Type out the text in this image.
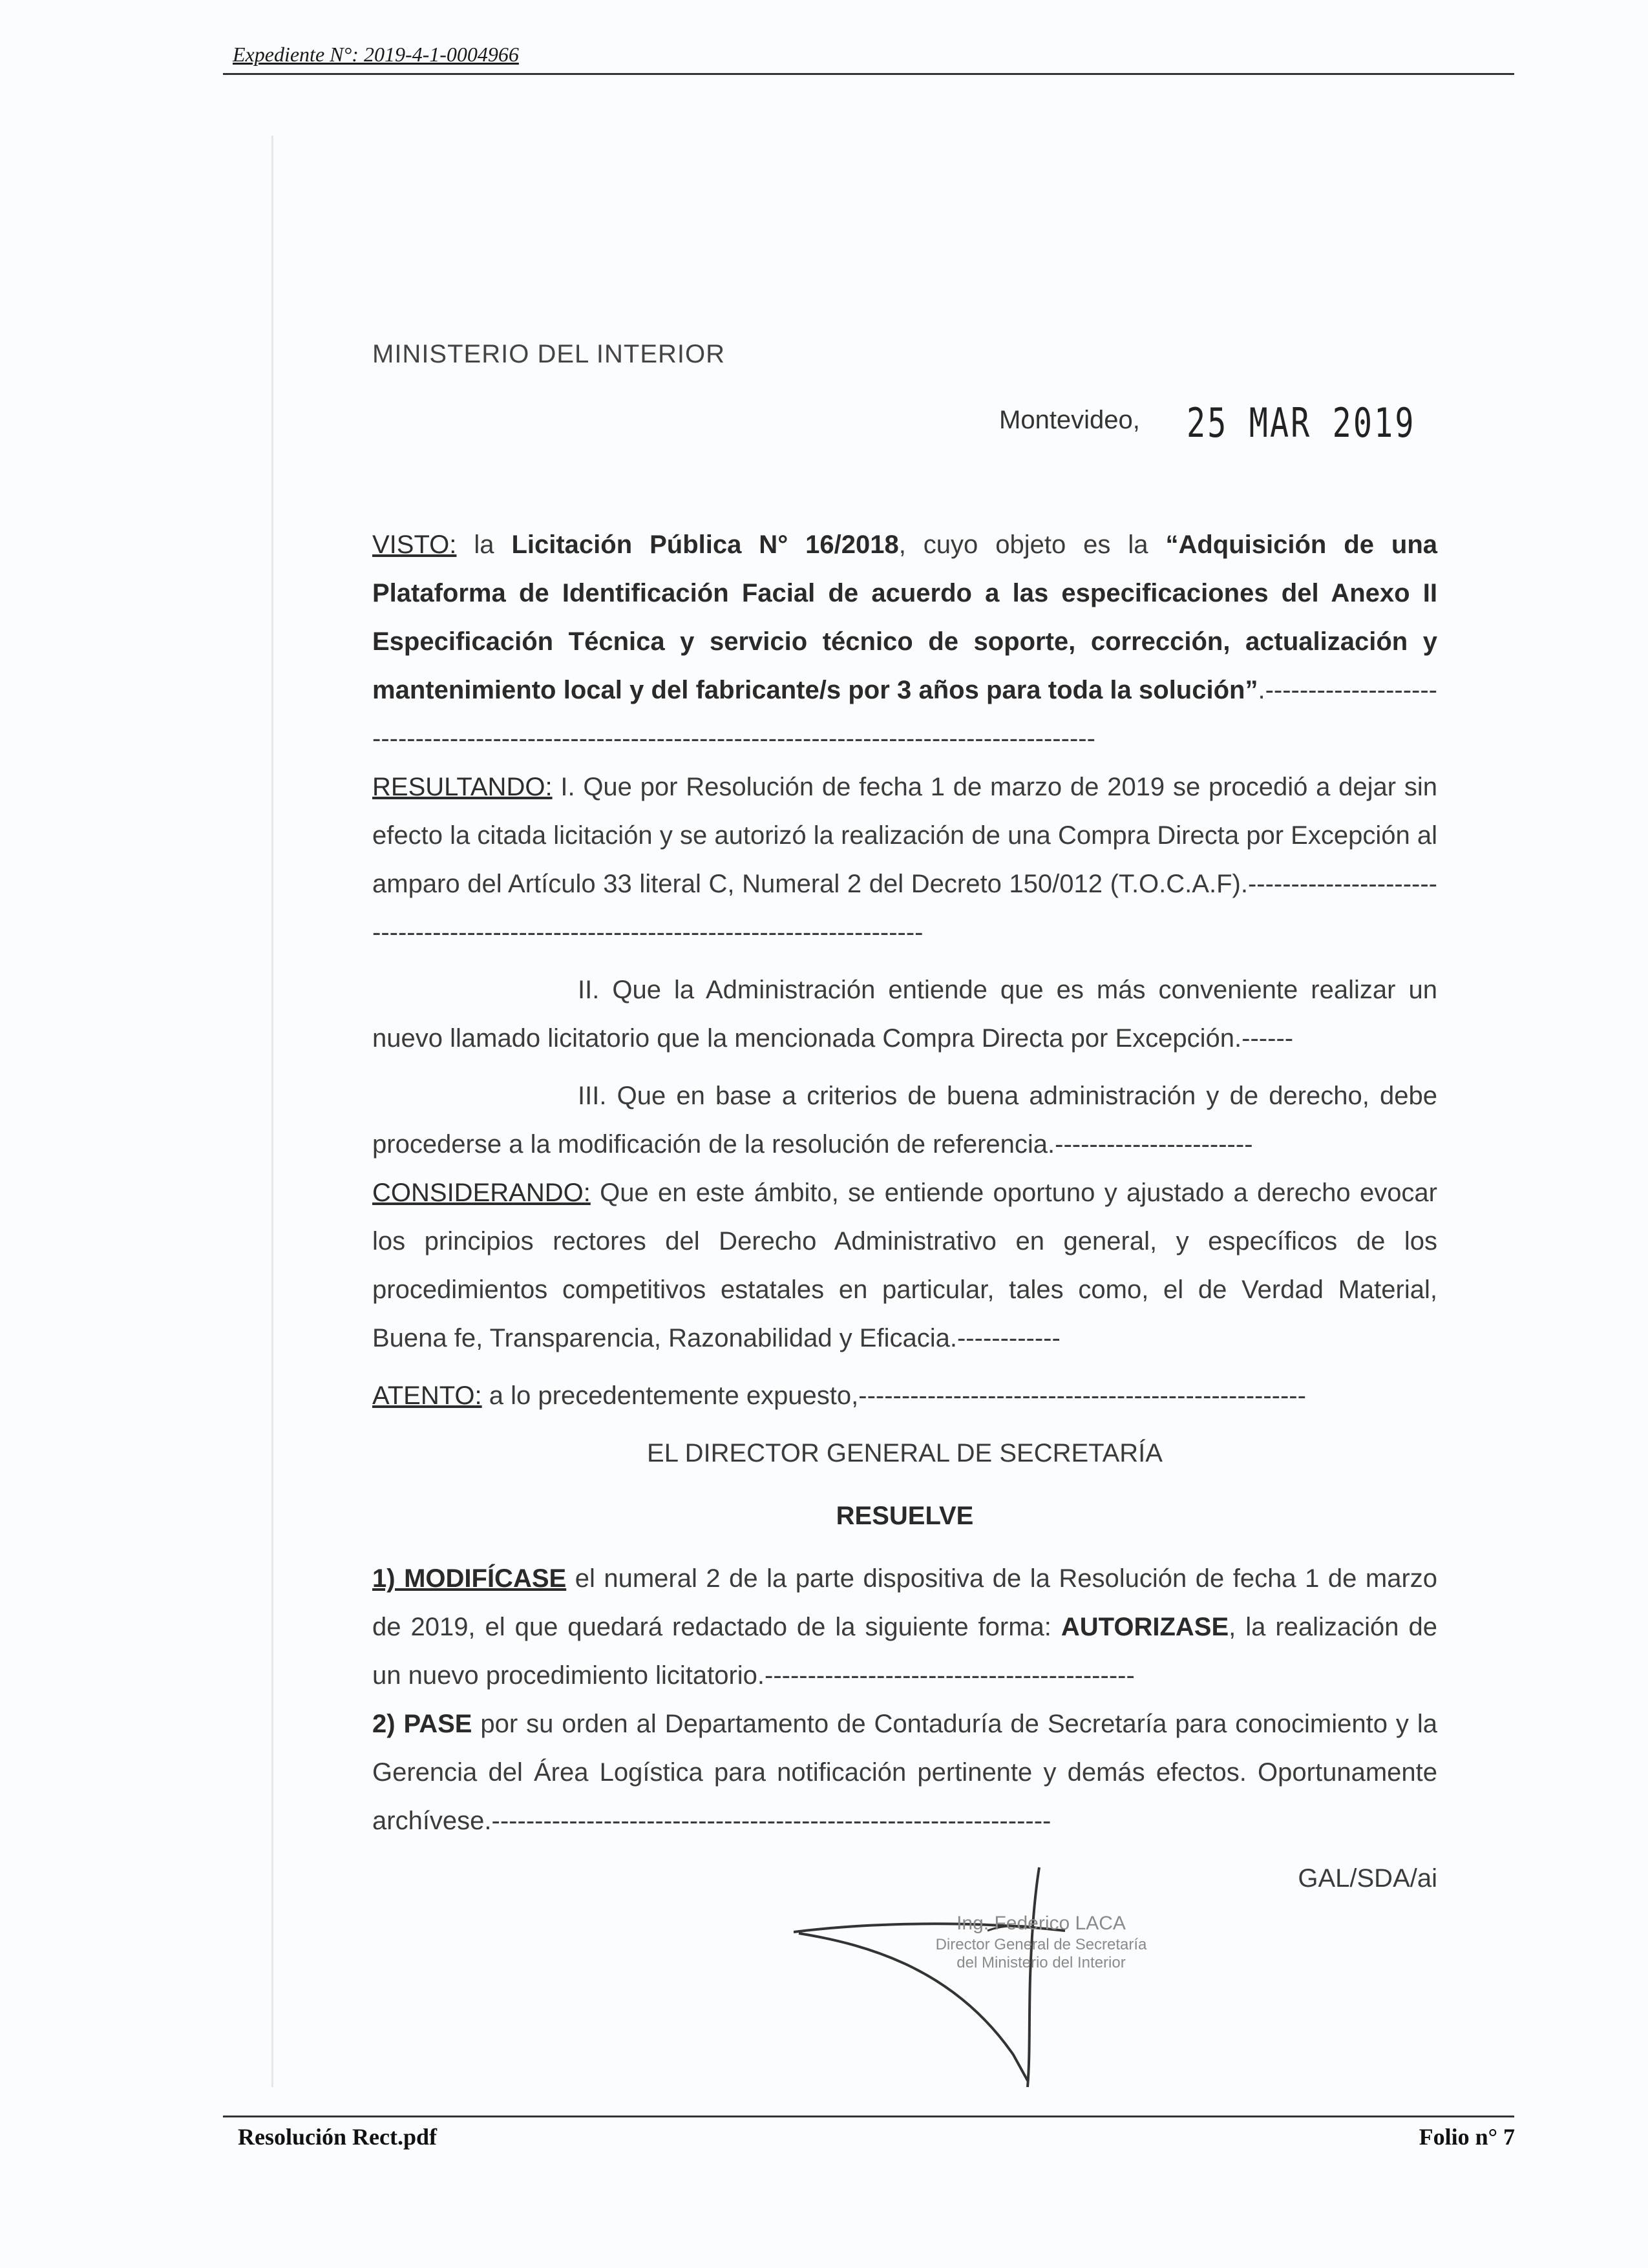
Expediente N°: 2019-4-1-0004966
MINISTERIO DEL INTERIOR
Montevideo, 25 MAR 2019

VISTO: la Licitación Pública N° 16/2018, cuyo objeto es la “Adquisición de una Plataforma de Identificación Facial de acuerdo a las especificaciones del Anexo II Especificación Técnica y servicio técnico de soporte, corrección, actualización y mantenimiento local y del fabricante/s por 3 años para toda la solución”.--------------------------------------------------------------------------------------------------------

RESULTANDO: I. Que por Resolución de fecha 1 de marzo de 2019 se procedió a dejar sin efecto la citada licitación y se autorizó la realización de una Compra Directa por Excepción al amparo del Artículo 33 literal C, Numeral 2 del Decreto 150/012 (T.O.C.A.F).--------------------------------------------------------------------------------------

II. Que la Administración entiende que es más conveniente realizar un nuevo llamado licitatorio que la mencionada Compra Directa por Excepción.------

III. Que en base a criterios de buena administración y de derecho, debe procederse a la modificación de la resolución de referencia.-----------------------

CONSIDERANDO: Que en este ámbito, se entiende oportuno y ajustado a derecho evocar los principios rectores del Derecho Administrativo en general, y específicos de los procedimientos competitivos estatales en particular, tales como, el de Verdad Material, Buena fe, Transparencia, Razonabilidad y Eficacia.------------

ATENTO: a lo precedentemente expuesto,----------------------------------------------------

EL DIRECTOR GENERAL DE SECRETARÍA

RESUELVE

1) MODIFÍCASE el numeral 2 de la parte dispositiva de la Resolución de fecha 1 de marzo de 2019, el que quedará redactado de la siguiente forma: AUTORIZASE, la realización de un nuevo procedimiento licitatorio.-------------------------------------------

2) PASE por su orden al Departamento de Contaduría de Secretaría para conocimiento y la Gerencia del Área Logística para notificación pertinente y demás efectos. Oportunamente archívese.-----------------------------------------------------------------

GAL/SDA/ai

Ing. Federico LACA
Director General de Secretaría
del Ministerio del Interior
Resolución Rect.pdf	Folio n° 7
